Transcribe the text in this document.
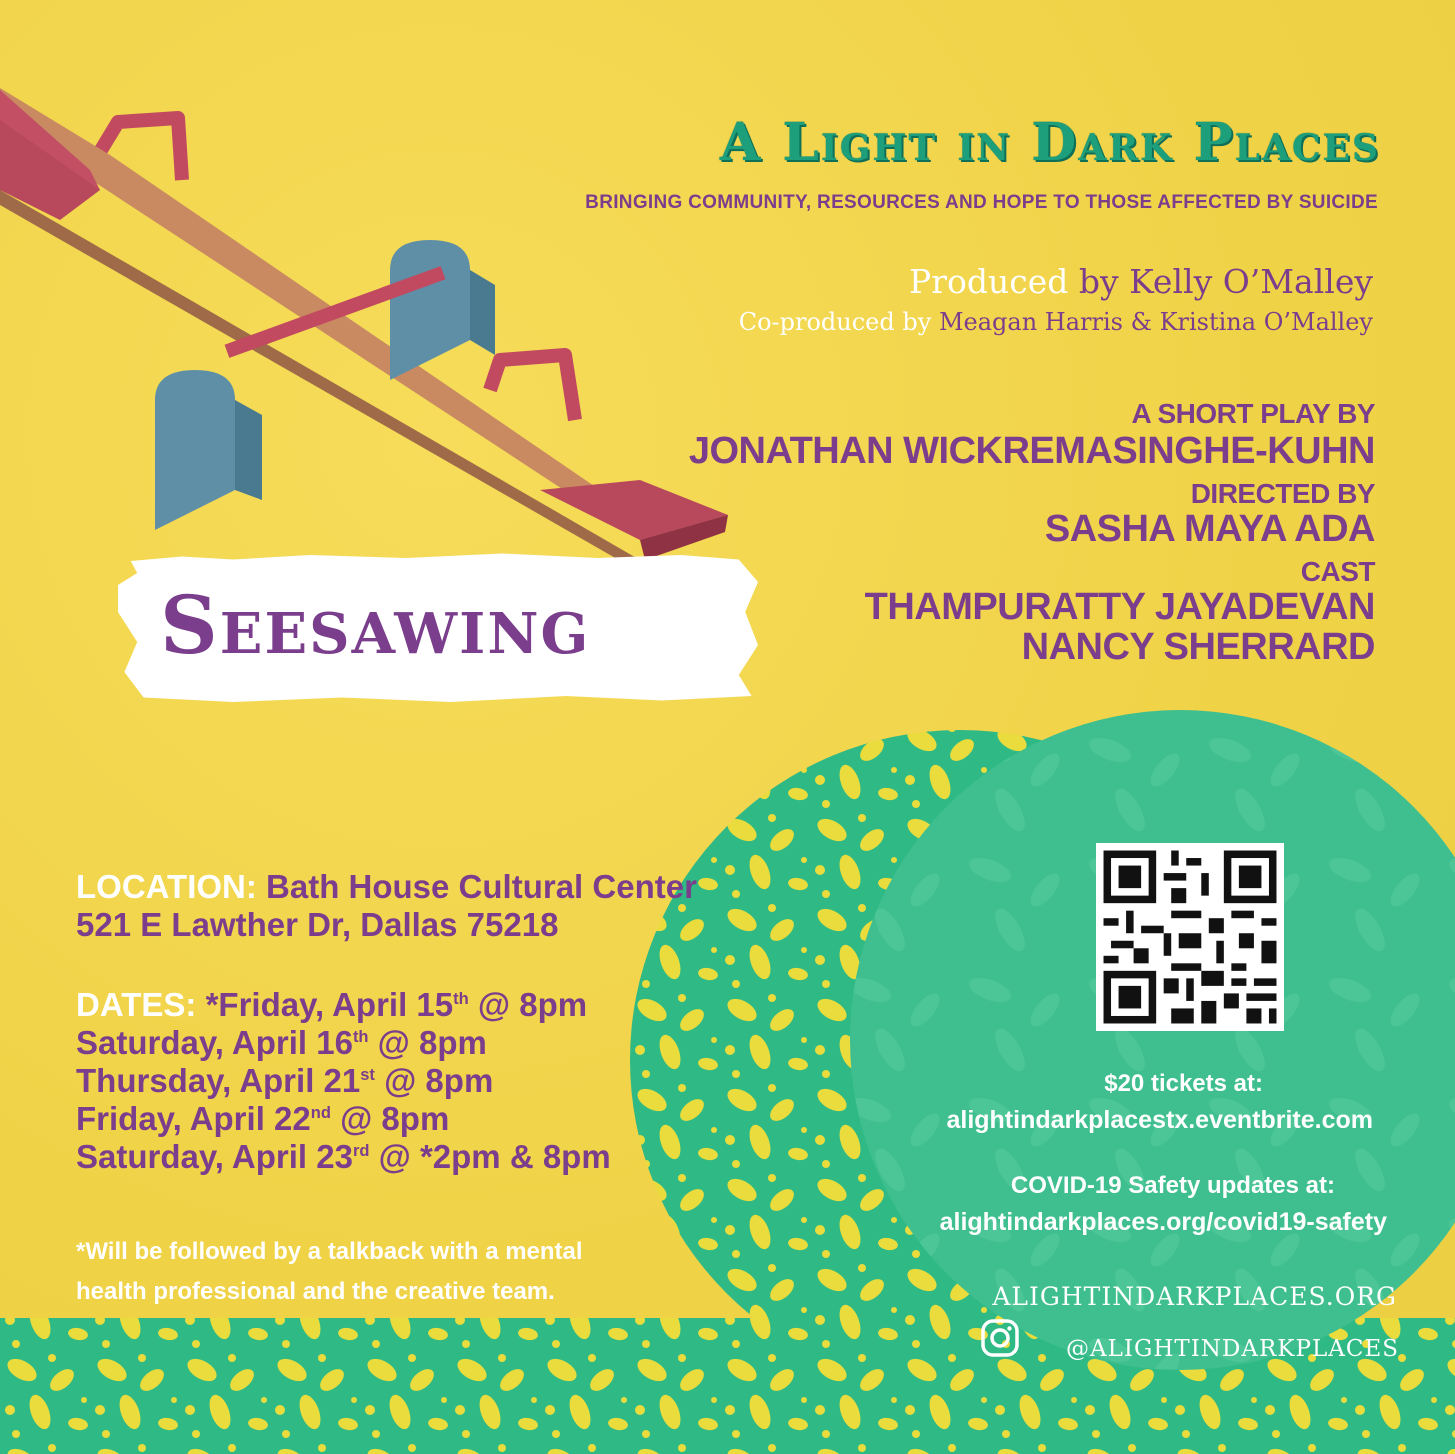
A Light in Dark Places
BRINGING COMMUNITY, RESOURCES AND HOPE TO THOSE AFFECTED BY SUICIDE
Produced by Kelly O’Malley
Co-produced by Meagan Harris & Kristina O’Malley
A SHORT PLAY BY
JONATHAN WICKREMASINGHE-KUHN
DIRECTED BY
SASHA MAYA ADA
CAST
THAMPURATTY JAYADEVAN
NANCY SHERRARD
Seesawing
LOCATION: Bath House Cultural Center
521 E Lawther Dr, Dallas 75218
DATES: *Friday, April 15th @ 8pm
Saturday, April 16th @ 8pm
Thursday, April 21st @ 8pm
Friday, April 22nd @ 8pm
Saturday, April 23rd @ *2pm & 8pm
*Will be followed by a talkback with a mental
health professional and the creative team.
$20 tickets at:
alightindarkplacestx.eventbrite.com
COVID-19 Safety updates at:
alightindarkplaces.org/covid19-safety
ALIGHTINDARKPLACES.ORG
@ALIGHTINDARKPLACES
